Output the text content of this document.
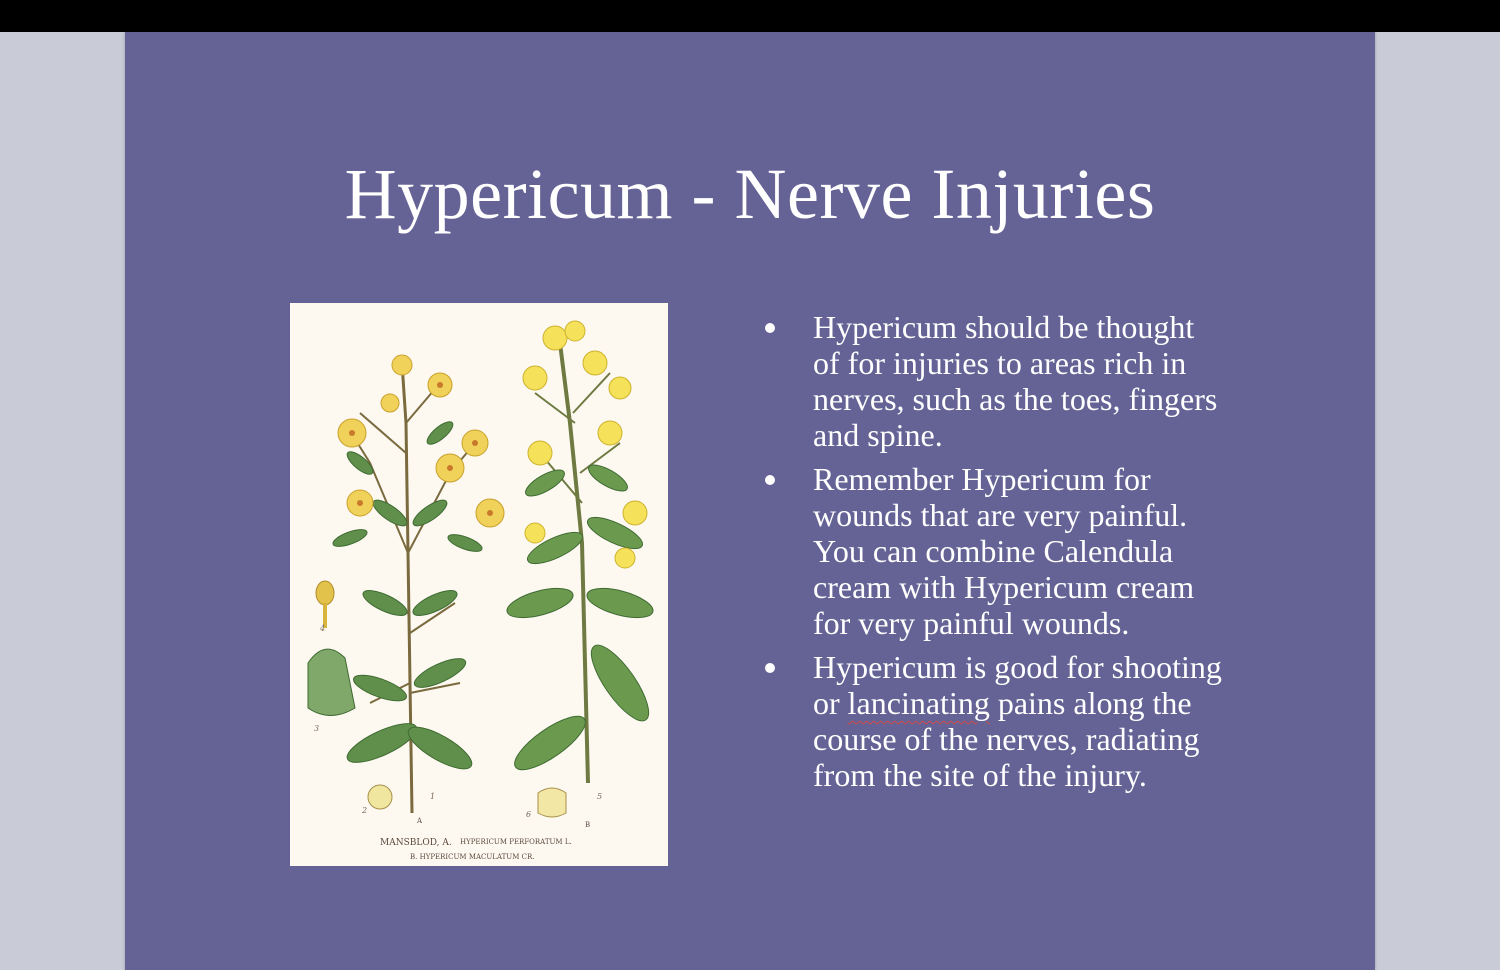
Hypericum - Nerve Injuries
4
3
2
1
6
5
A	B
MANSBLOD, A. HYPERICUM PERFORATUM L.
B. HYPERICUM MACULATUM CR.
Hypericum should be thought
of for injuries to areas rich in
nerves, such as the toes, fingers
and spine.
Remember Hypericum for
wounds that are very painful.
You can combine Calendula
cream with Hypericum cream
for very painful wounds.
Hypericum is good for shooting
or lancinating pains along the
course of the nerves, radiating
from the site of the injury.
